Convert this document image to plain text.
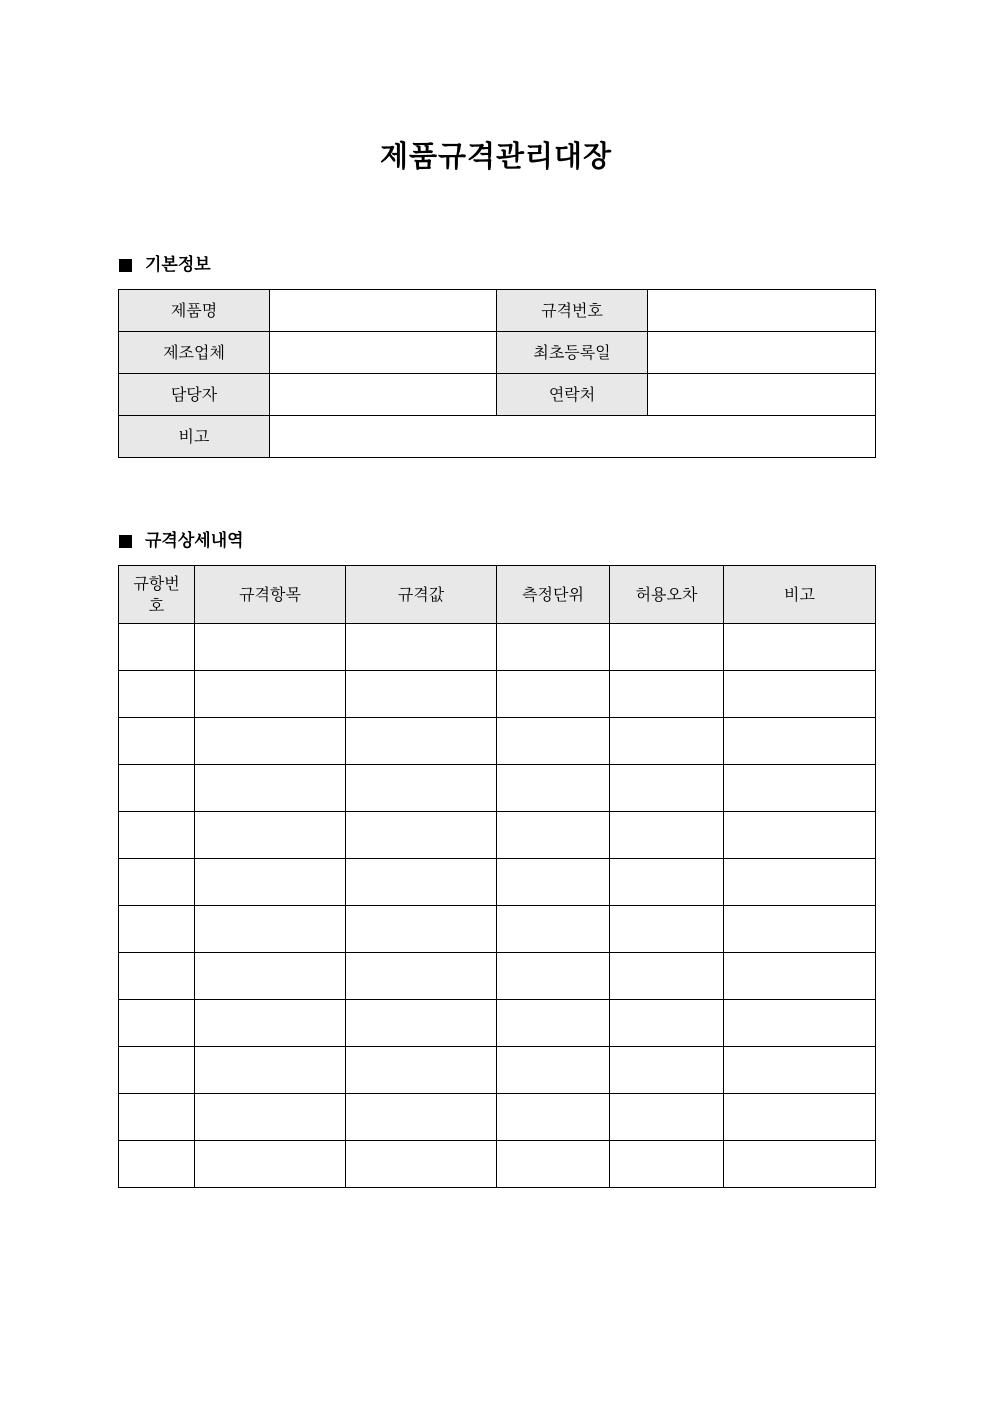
제품규격관리대장
기본정보
제품명		규격번호	
제조업체		최초등록일	
담당자		연락처	
비고			
규격상세내역
규항번호	규격항목	규격값	측정단위	허용오차	비고
